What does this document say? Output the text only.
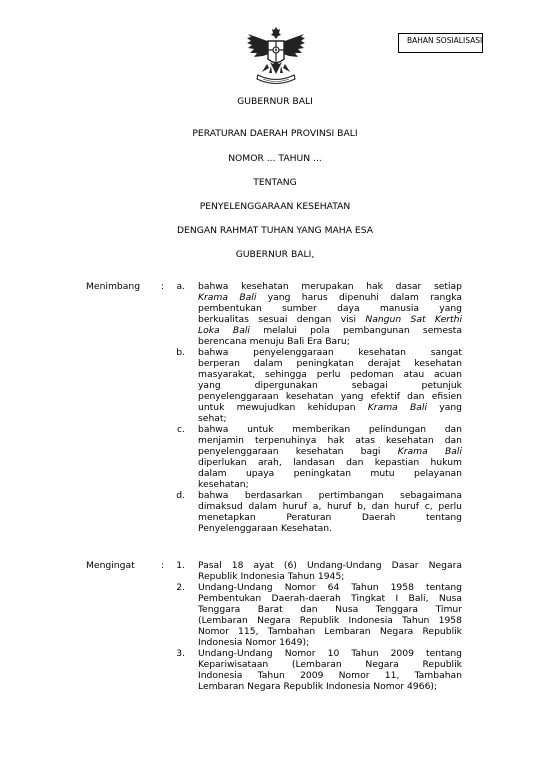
BAHAN SOSIALISASI
GUBERNUR BALI
PERATURAN DAERAH PROVINSI BALI
NOMOR ... TAHUN ...
TENTANG
PENYELENGGARAAN KESEHATAN
DENGAN RAHMAT TUHAN YANG MAHA ESA
GUBERNUR BALI,
Menimbang :	a. bahwa kesehatan merupakan hak dasar setiap
Krama Bali yang harus dipenuhi dalam rangka
pembentukan sumber daya manusia yang
berkualitas sesuai dengan visi Nangun Sat Kerthi
Loka Bali melalui pola pembangunan semesta
berencana menuju Bali Era Baru;
b. bahwa penyelenggaraan kesehatan sangat
berperan dalam peningkatan derajat kesehatan
masyarakat, sehingga perlu pedoman atau acuan
yang dipergunakan sebagai petunjuk
penyelenggaraan kesehatan yang efektif dan efisien
untuk mewujudkan kehidupan Krama Bali yang
sehat;
c. bahwa untuk memberikan pelindungan dan
menjamin terpenuhinya hak atas kesehatan dan
penyelenggaraan kesehatan bagi Krama Bali
diperlukan arah, landasan dan kepastian hukum
dalam upaya peningkatan mutu pelayanan
kesehatan;
d. bahwa berdasarkan pertimbangan sebagaimana
dimaksud dalam huruf a, huruf b, dan huruf c, perlu
menetapkan Peraturan Daerah tentang
Penyelenggaraan Kesehatan.
Mengingat	:	1. Pasal 18 ayat (6) Undang-Undang Dasar Negara
Republik Indonesia Tahun 1945;
2. Undang-Undang Nomor 64 Tahun 1958 tentang
Pembentukan Daerah-daerah Tingkat I Bali, Nusa
Tenggara Barat dan Nusa Tenggara Timur
(Lembaran Negara Republik Indonesia Tahun 1958
Nomor 115, Tambahan Lembaran Negara Republik
Indonesia Nomor 1649);
3. Undang-Undang Nomor 10 Tahun 2009 tentang
Kepariwisataan (Lembaran Negara Republik
Indonesia Tahun 2009 Nomor 11, Tambahan
Lembaran Negara Republik Indonesia Nomor 4966);
